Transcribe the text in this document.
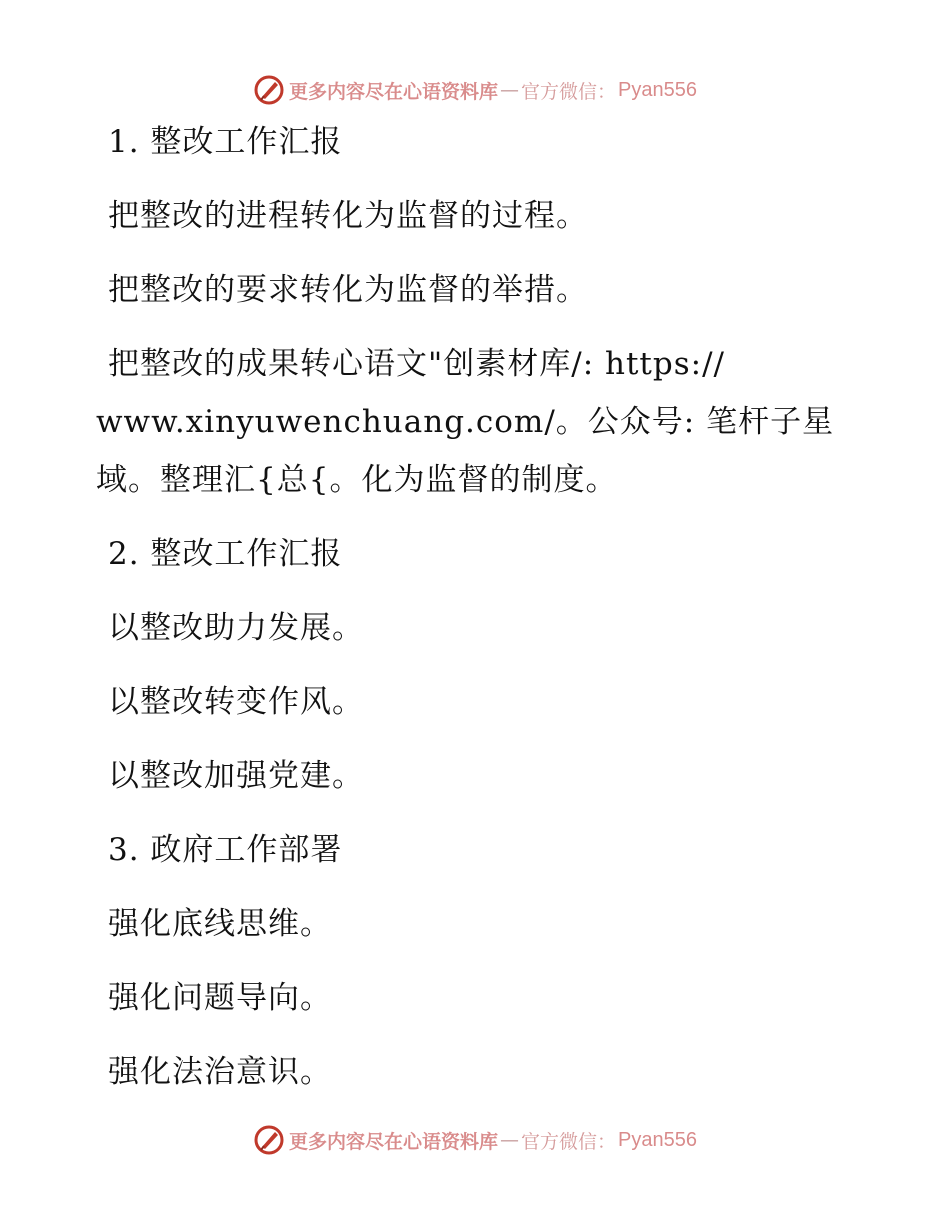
更多内容尽在心语资料库 — 官方微信： Pyan556
1. 整改工作汇报
把整改的进程转化为监督的过程。
把整改的要求转化为监督的举措。
把整改的成果转心语文"创素材库/: https://
www.xinyuwenchuang.com/。公众号: 笔杆子星
域。整理汇{总{。化为监督的制度。
2. 整改工作汇报
以整改助力发展。
以整改转变作风。
以整改加强党建。
3. 政府工作部署
强化底线思维。
强化问题导向。
强化法治意识。
更多内容尽在心语资料库 — 官方微信： Pyan556
